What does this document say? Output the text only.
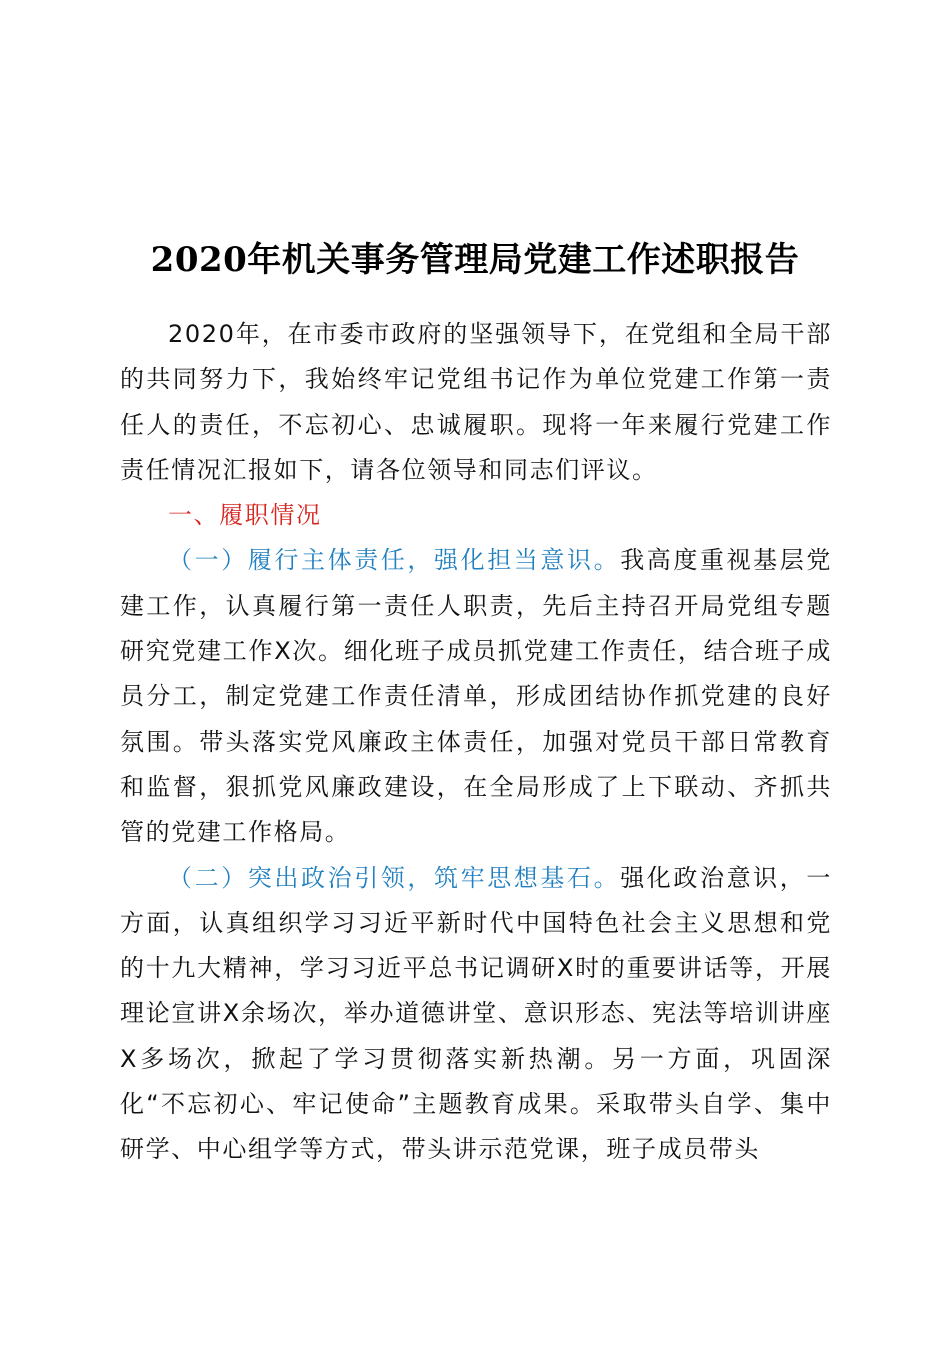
2020年机关事务管理局党建工作述职报告

2020年，在市委市政府的坚强领导下，在党组和全局干部的共同努力下，我始终牢记党组书记作为单位党建工作第一责任人的责任，不忘初心、忠诚履职。现将一年来履行党建工作责任情况汇报如下，请各位领导和同志们评议。

一、履职情况

（一）履行主体责任，强化担当意识。我高度重视基层党建工作，认真履行第一责任人职责，先后主持召开局党组专题研究党建工作X次。细化班子成员抓党建工作责任，结合班子成员分工，制定党建工作责任清单，形成团结协作抓党建的良好氛围。带头落实党风廉政主体责任，加强对党员干部日常教育和监督，狠抓党风廉政建设，在全局形成了上下联动、齐抓共管的党建工作格局。

（二）突出政治引领，筑牢思想基石。强化政治意识，一方面，认真组织学习习近平新时代中国特色社会主义思想和党的十九大精神，学习习近平总书记调研X时的重要讲话等，开展理论宣讲X余场次，举办道德讲堂、意识形态、宪法等培训讲座X多场次，掀起了学习贯彻落实新热潮。另一方面，巩固深化“不忘初心、牢记使命”主题教育成果。采取带头自学、集中研学、中心组学等方式，带头讲示范党课，班子成员带头
